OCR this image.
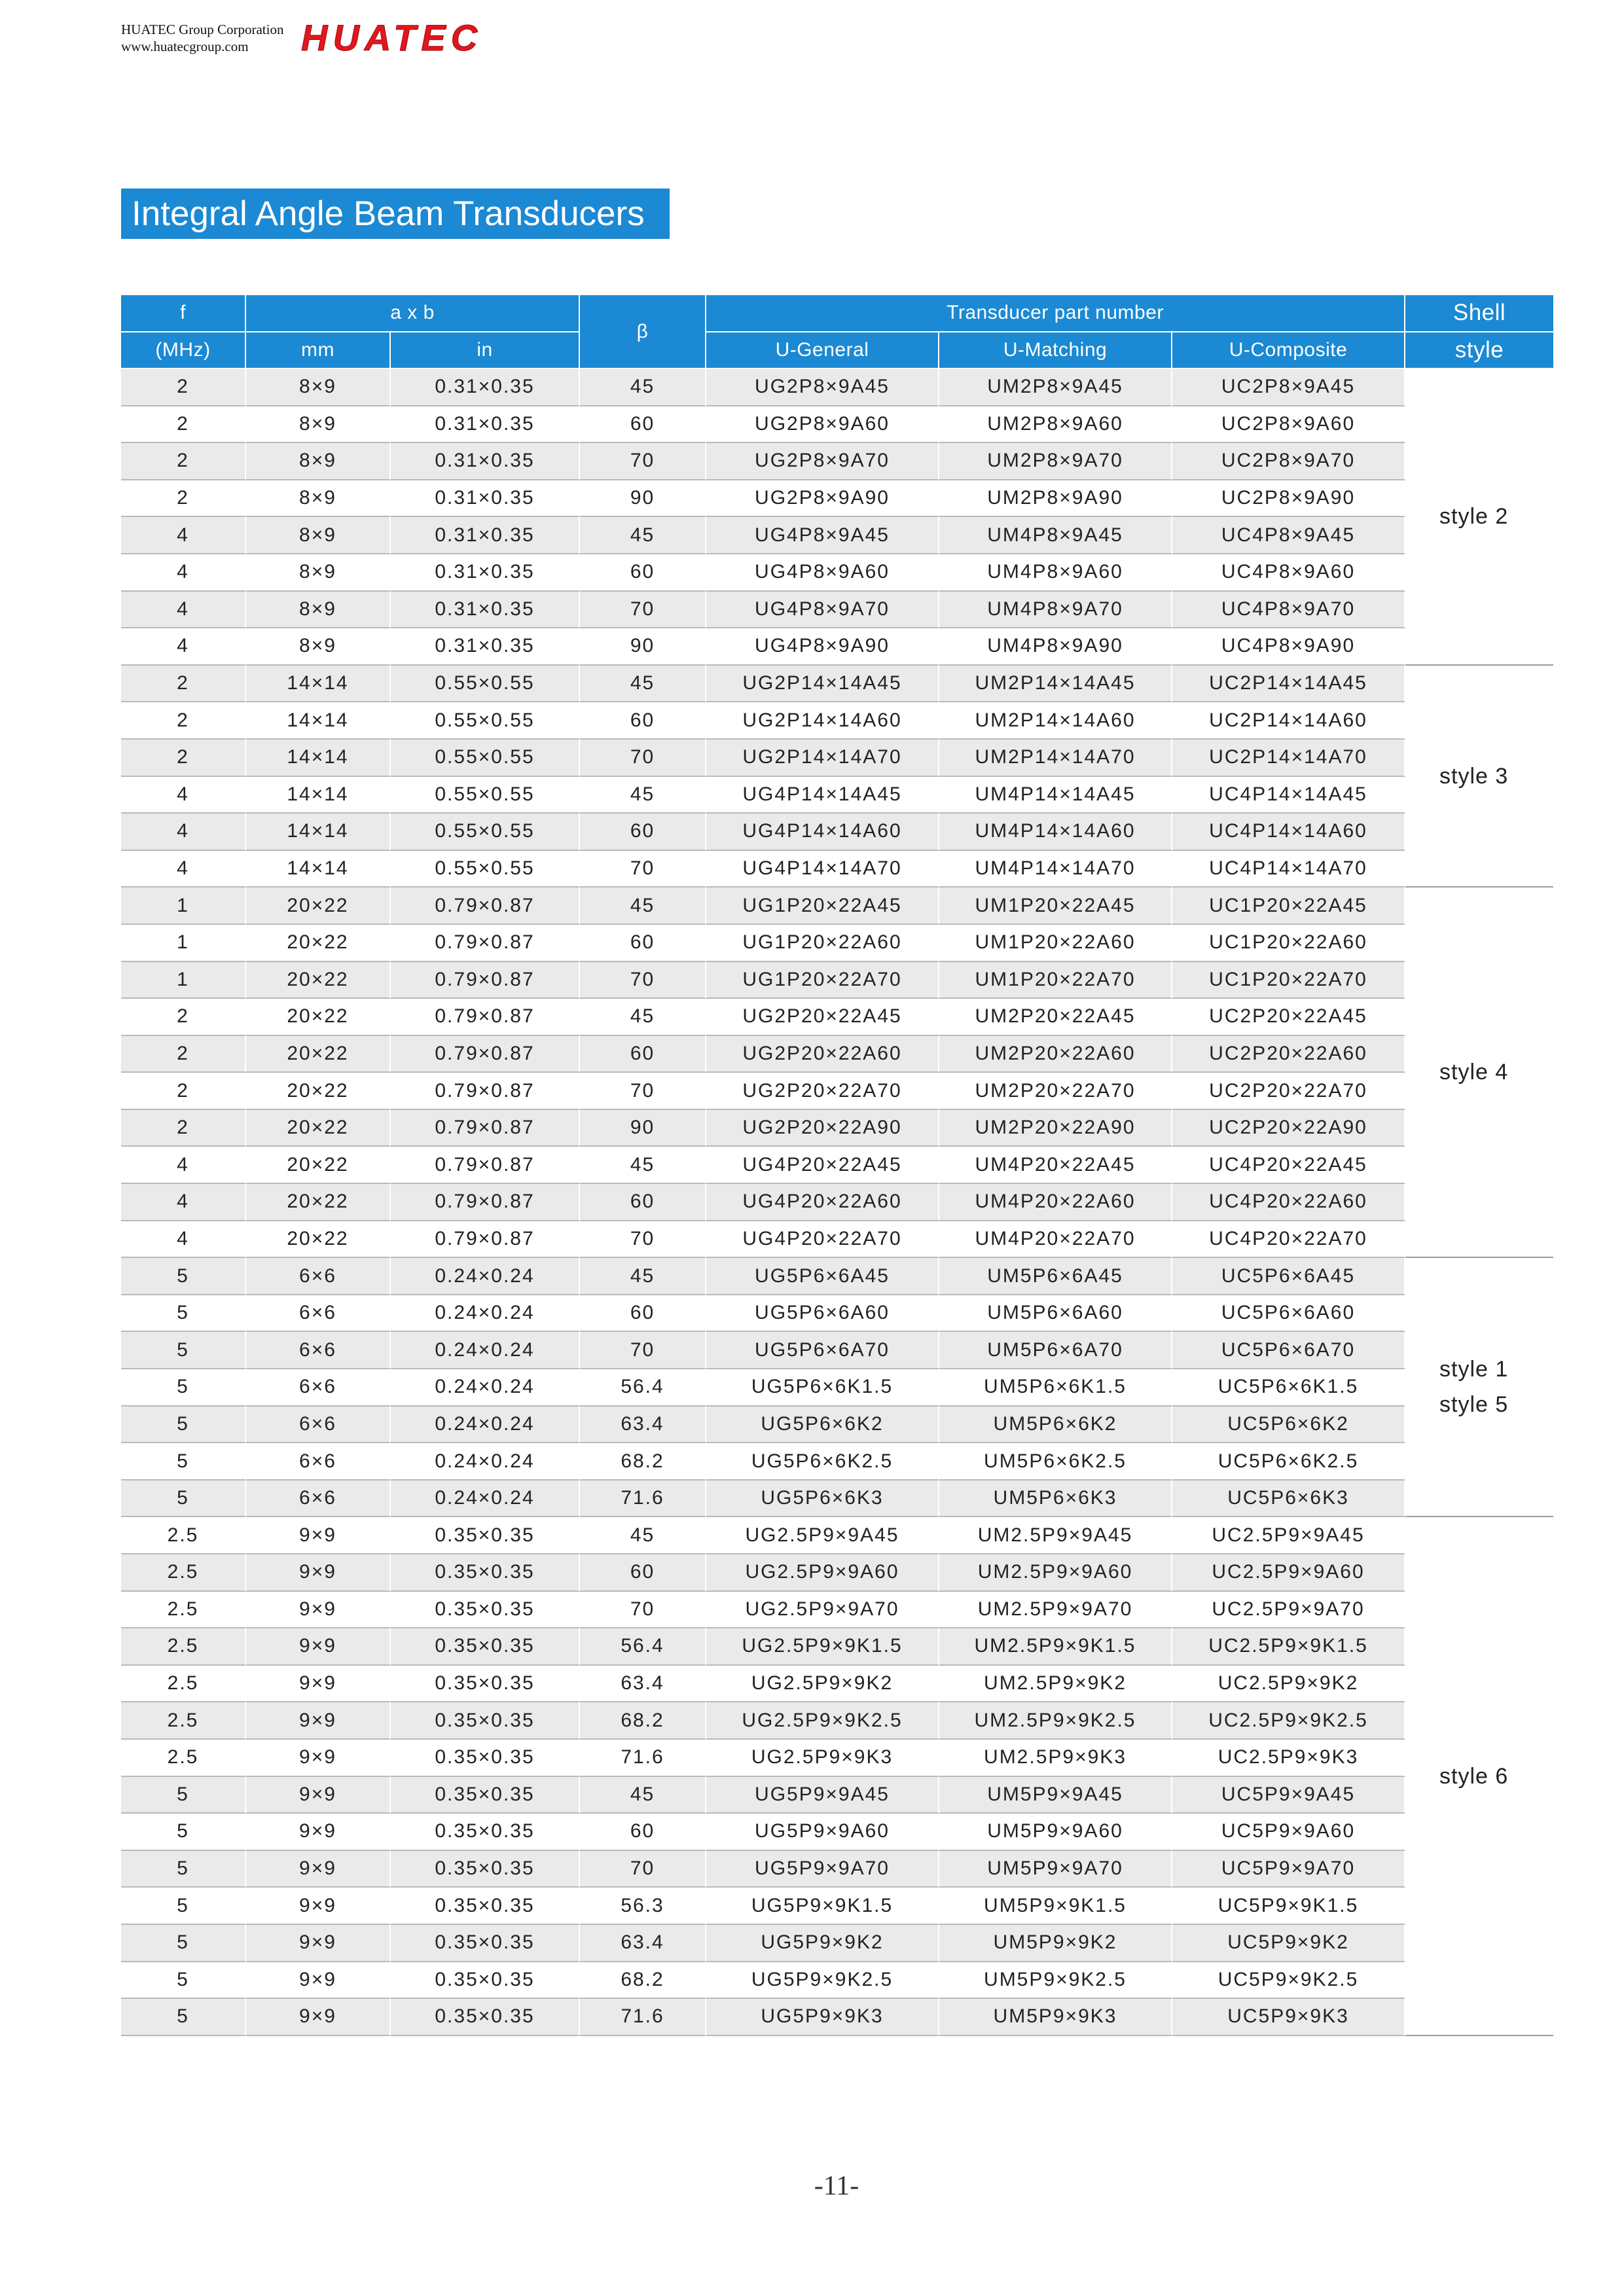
HUATEC Group Corporation
www.huatecgroup.com	HUATEC
Integral Angle Beam Transducers
f	a x b		β	Transducer part number			Shell
(MHz)	mm	in		U-General	U-Matching	U-Composite	style
2	8×9	0.31×0.35	45	UG2P8×9A45	UM2P8×9A45	UC2P8×9A45	style 2

2	8×9	0.31×0.35	60	UG2P8×9A60	UM2P8×9A60	UC2P8×9A60	
2	8×9	0.31×0.35	70	UG2P8×9A70	UM2P8×9A70	UC2P8×9A70	
2	8×9	0.31×0.35	90	UG2P8×9A90	UM2P8×9A90	UC2P8×9A90	
4	8×9	0.31×0.35	45	UG4P8×9A45	UM4P8×9A45	UC4P8×9A45	
4	8×9	0.31×0.35	60	UG4P8×9A60	UM4P8×9A60	UC4P8×9A60	
4	8×9	0.31×0.35	70	UG4P8×9A70	UM4P8×9A70	UC4P8×9A70	
4	8×9	0.31×0.35	90	UG4P8×9A90	UM4P8×9A90	UC4P8×9A90	
2	14×14	0.55×0.55	45	UG2P14×14A45	UM2P14×14A45	UC2P14×14A45	style 3

2	14×14	0.55×0.55	60	UG2P14×14A60	UM2P14×14A60	UC2P14×14A60	
2	14×14	0.55×0.55	70	UG2P14×14A70	UM2P14×14A70	UC2P14×14A70	
4	14×14	0.55×0.55	45	UG4P14×14A45	UM4P14×14A45	UC4P14×14A45	
4	14×14	0.55×0.55	60	UG4P14×14A60	UM4P14×14A60	UC4P14×14A60	
4	14×14	0.55×0.55	70	UG4P14×14A70	UM4P14×14A70	UC4P14×14A70	
1	20×22	0.79×0.87	45	UG1P20×22A45	UM1P20×22A45	UC1P20×22A45	style 4

1	20×22	0.79×0.87	60	UG1P20×22A60	UM1P20×22A60	UC1P20×22A60	
1	20×22	0.79×0.87	70	UG1P20×22A70	UM1P20×22A70	UC1P20×22A70	
2	20×22	0.79×0.87	45	UG2P20×22A45	UM2P20×22A45	UC2P20×22A45	
2	20×22	0.79×0.87	60	UG2P20×22A60	UM2P20×22A60	UC2P20×22A60	
2	20×22	0.79×0.87	70	UG2P20×22A70	UM2P20×22A70	UC2P20×22A70	
2	20×22	0.79×0.87	90	UG2P20×22A90	UM2P20×22A90	UC2P20×22A90	
4	20×22	0.79×0.87	45	UG4P20×22A45	UM4P20×22A45	UC4P20×22A45	
4	20×22	0.79×0.87	60	UG4P20×22A60	UM4P20×22A60	UC4P20×22A60	
4	20×22	0.79×0.87	70	UG4P20×22A70	UM4P20×22A70	UC4P20×22A70	
5	6×6	0.24×0.24	45	UG5P6×6A45	UM5P6×6A45	UC5P6×6A45	style 1
style 5

5	6×6	0.24×0.24	60	UG5P6×6A60	UM5P6×6A60	UC5P6×6A60	
5	6×6	0.24×0.24	70	UG5P6×6A70	UM5P6×6A70	UC5P6×6A70	
5	6×6	0.24×0.24	56.4	UG5P6×6K1.5	UM5P6×6K1.5	UC5P6×6K1.5	
5	6×6	0.24×0.24	63.4	UG5P6×6K2	UM5P6×6K2	UC5P6×6K2	
5	6×6	0.24×0.24	68.2	UG5P6×6K2.5	UM5P6×6K2.5	UC5P6×6K2.5	
5	6×6	0.24×0.24	71.6	UG5P6×6K3	UM5P6×6K3	UC5P6×6K3	
2.5	9×9	0.35×0.35	45	UG2.5P9×9A45	UM2.5P9×9A45	UC2.5P9×9A45	style 6

2.5	9×9	0.35×0.35	60	UG2.5P9×9A60	UM2.5P9×9A60	UC2.5P9×9A60	
2.5	9×9	0.35×0.35	70	UG2.5P9×9A70	UM2.5P9×9A70	UC2.5P9×9A70	
2.5	9×9	0.35×0.35	56.4	UG2.5P9×9K1.5	UM2.5P9×9K1.5	UC2.5P9×9K1.5	
2.5	9×9	0.35×0.35	63.4	UG2.5P9×9K2	UM2.5P9×9K2	UC2.5P9×9K2	
2.5	9×9	0.35×0.35	68.2	UG2.5P9×9K2.5	UM2.5P9×9K2.5	UC2.5P9×9K2.5	
2.5	9×9	0.35×0.35	71.6	UG2.5P9×9K3	UM2.5P9×9K3	UC2.5P9×9K3	
5	9×9	0.35×0.35	45	UG5P9×9A45	UM5P9×9A45	UC5P9×9A45	
5	9×9	0.35×0.35	60	UG5P9×9A60	UM5P9×9A60	UC5P9×9A60	
5	9×9	0.35×0.35	70	UG5P9×9A70	UM5P9×9A70	UC5P9×9A70	
5	9×9	0.35×0.35	56.3	UG5P9×9K1.5	UM5P9×9K1.5	UC5P9×9K1.5	
5	9×9	0.35×0.35	63.4	UG5P9×9K2	UM5P9×9K2	UC5P9×9K2	
5	9×9	0.35×0.35	68.2	UG5P9×9K2.5	UM5P9×9K2.5	UC5P9×9K2.5	
5	9×9	0.35×0.35	71.6	UG5P9×9K3	UM5P9×9K3	UC5P9×9K3	
-11-
